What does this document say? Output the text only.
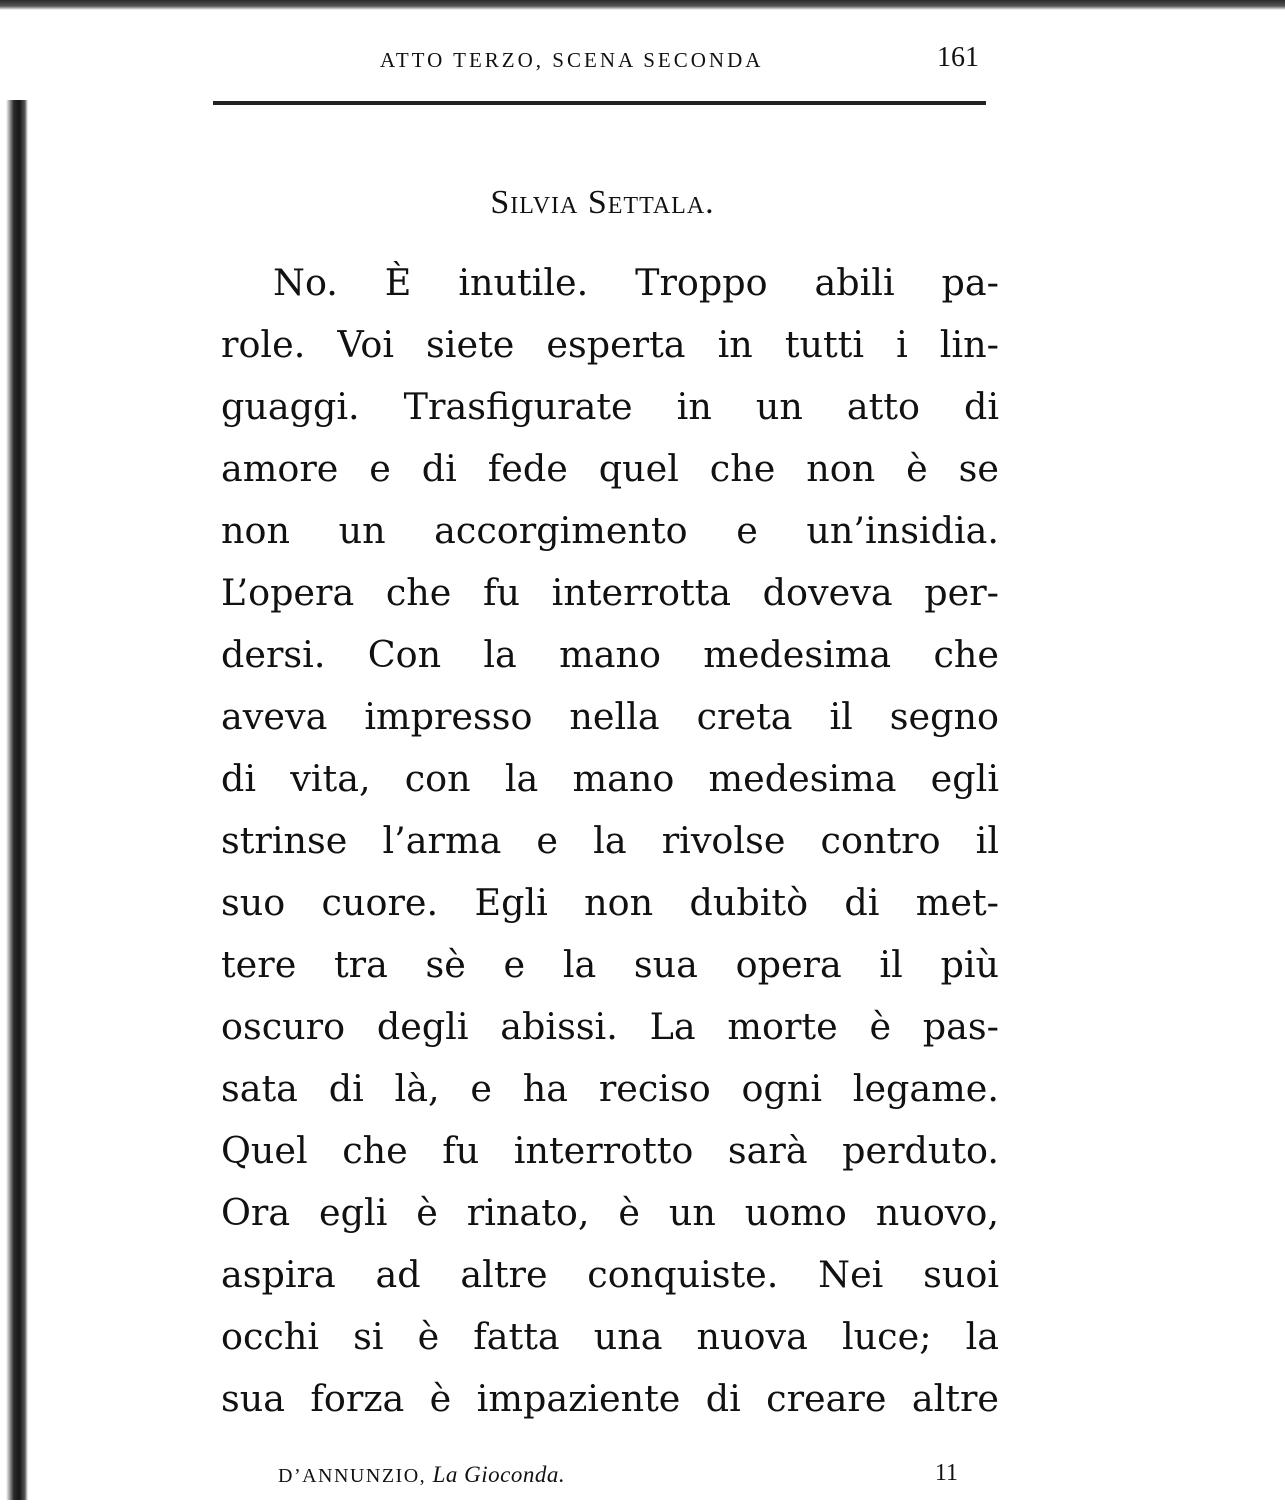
ATTO TERZO, SCENA SECONDA	161
Silvia Settala.
No. È inutile. Troppo abili pa-
role. Voi siete esperta in tutti i lin-
guaggi. Trasfigurate in un atto di
amore e di fede quel che non è se
non un accorgimento e un’insidia.
L’opera che fu interrotta doveva per-
dersi. Con la mano medesima che
aveva impresso nella creta il segno
di vita, con la mano medesima egli
strinse l’arma e la rivolse contro il
suo cuore. Egli non dubitò di met-
tere tra sè e la sua opera il più
oscuro degli abissi. La morte è pas-
sata di là, e ha reciso ogni legame.
Quel che fu interrotto sarà perduto.
Ora egli è rinato, è un uomo nuovo,
aspira ad altre conquiste. Nei suoi
occhi si è fatta una nuova luce; la
sua forza è impaziente di creare altre
D’ANNUNZIO, La Gioconda.	11
